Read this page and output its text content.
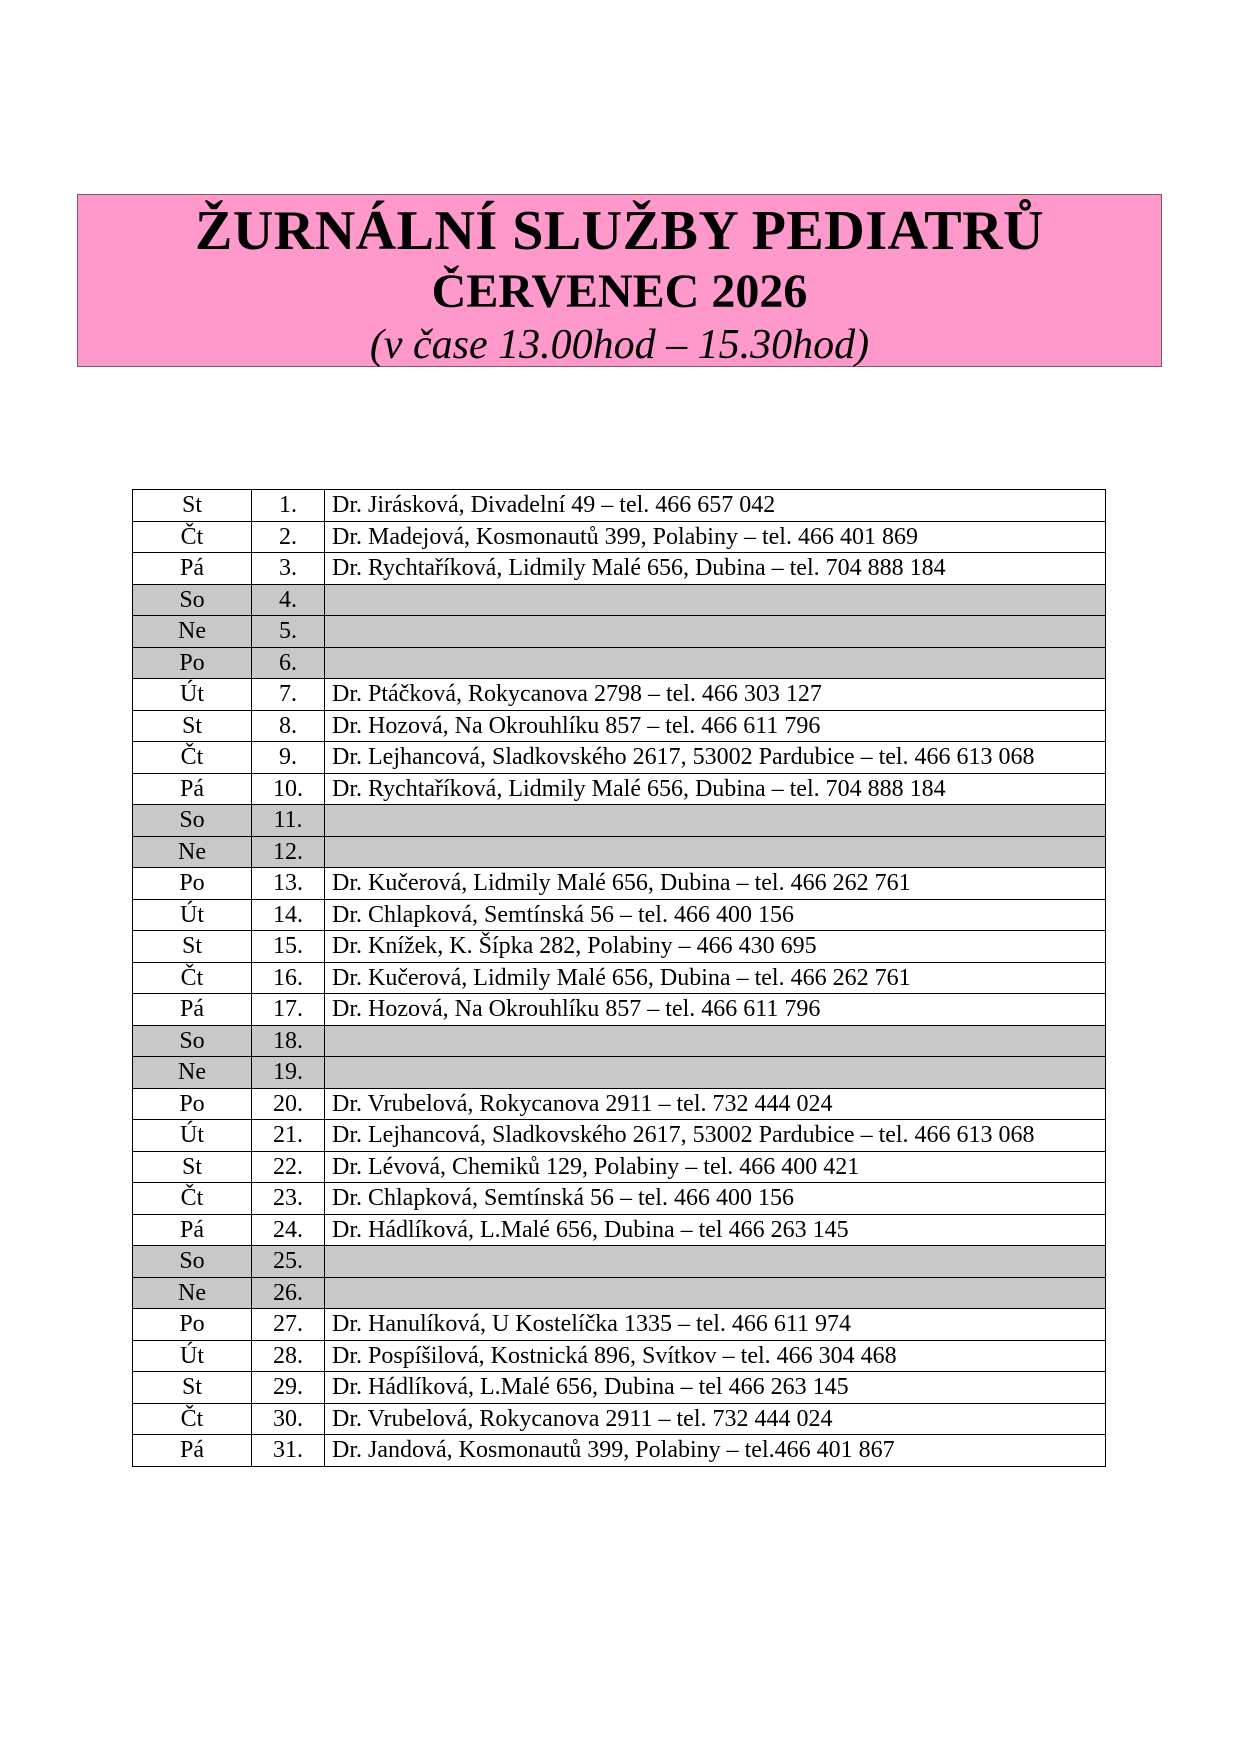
ŽURNÁLNÍ SLUŽBY PEDIATRŮ
ČERVENEC 2026

(v čase 13.00hod – 15.30hod)

St	1.	Dr. Jirásková, Divadelní 49 – tel. 466 657 042
Čt	2.	Dr. Madejová, Kosmonautů 399, Polabiny – tel. 466 401 869
Pá	3.	Dr. Rychtaříková, Lidmily Malé 656, Dubina – tel. 704 888 184
So	4.	
Ne	5.	
Po	6.	
Út	7.	Dr. Ptáčková, Rokycanova 2798 – tel. 466 303 127
St	8.	Dr. Hozová, Na Okrouhlíku 857 – tel. 466 611 796
Čt	9.	Dr. Lejhancová, Sladkovského 2617, 53002 Pardubice – tel. 466 613 068
Pá	10.	Dr. Rychtaříková, Lidmily Malé 656, Dubina – tel. 704 888 184
So	11.	
Ne	12.	
Po	13.	Dr. Kučerová, Lidmily Malé 656, Dubina – tel. 466 262 761
Út	14.	Dr. Chlapková, Semtínská 56 – tel. 466 400 156
St	15.	Dr. Knížek, K. Šípka 282, Polabiny – 466 430 695
Čt	16.	Dr. Kučerová, Lidmily Malé 656, Dubina – tel. 466 262 761
Pá	17.	Dr. Hozová, Na Okrouhlíku 857 – tel. 466 611 796
So	18.	
Ne	19.	
Po	20.	Dr. Vrubelová, Rokycanova 2911 – tel. 732 444 024
Út	21.	Dr. Lejhancová, Sladkovského 2617, 53002 Pardubice – tel. 466 613 068
St	22.	Dr. Lévová, Chemiků 129, Polabiny – tel. 466 400 421
Čt	23.	Dr. Chlapková, Semtínská 56 – tel. 466 400 156
Pá	24.	Dr. Hádlíková, L.Malé 656, Dubina – tel 466 263 145
So	25.	
Ne	26.	
Po	27.	Dr. Hanulíková, U Kostelíčka 1335 – tel. 466 611 974
Út	28.	Dr. Pospíšilová, Kostnická 896, Svítkov – tel. 466 304 468
St	29.	Dr. Hádlíková, L.Malé 656, Dubina – tel 466 263 145
Čt	30.	Dr. Vrubelová, Rokycanova 2911 – tel. 732 444 024
Pá	31.	Dr. Jandová, Kosmonautů 399, Polabiny – tel.466 401 867
